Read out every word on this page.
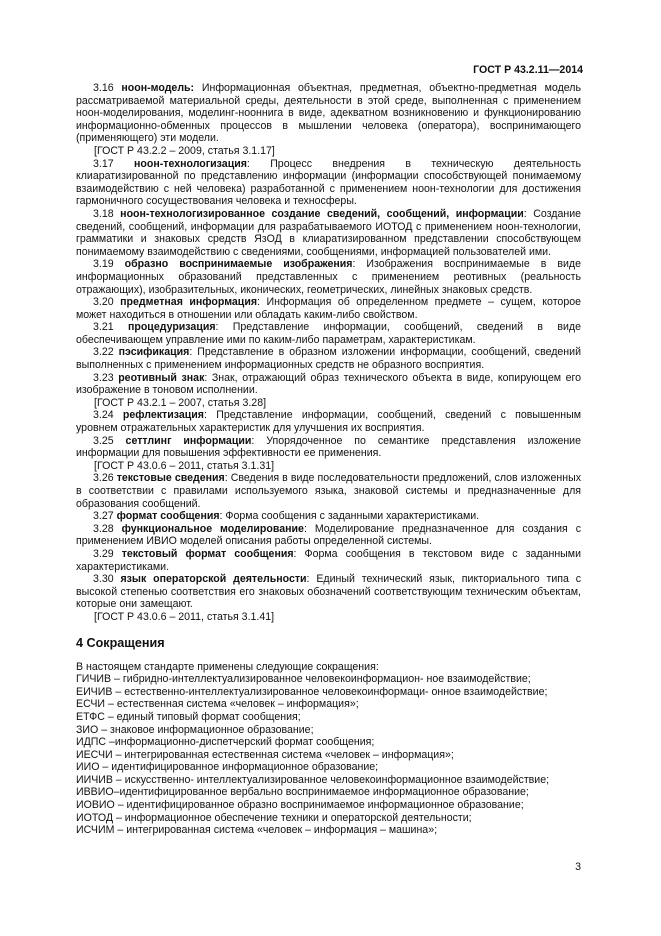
ГОСТ Р 43.2.11—2014

3.16 ноон-модель: Информационная объектная, предметная, объектно-предметная модель рассматриваемой материальной среды, деятельности в этой среде, выполненная с применением ноон-моделирования, моделинг-нооннига в виде, адекватном возникновению и функционированию информационно-обменных процессов в мышлении человека (оператора), воспринимающего (применяющего) эти модели.

[ГОСТ Р 43.2.2 – 2009, статья 3.1.17]

3.17 ноон-технологизация: Процесс внедрения в техническую деятельность клиаратизированной по представлению информации (информации способствующей понимаемому взаимодействию с ней человека) разработанной с применением ноон-технологии для достижения гармоничного сосуществования человека и техносферы.

3.18 ноон-технологизированное создание сведений, сообщений, информации: Создание сведений, сообщений, информации для разрабатываемого ИОТОД с применением ноон-технологии, грамматики и знаковых средств ЯзОД в клиаратизированном представлении способствующем понимаемому взаимодействию с сведениями, сообщениями, информацией пользователей ими.

3.19 образно воспринимаемые изображения: Изображения воспринимаемые в виде информационных образований представленных с применением реотивных (реальность отражающих), изобразительных, иконических, геометрических, линейных знаковых средств.

3.20 предметная информация: Информация об определенном предмете – сущем, которое может находиться в отношении или обладать каким-либо свойством.

3.21 процедуризация: Представление информации, сообщений, сведений в виде обеспечивающем управление ими по каким-либо параметрам, характеристикам.

3.22 пэсификация: Представление в образном изложении информации, сообщений, сведений выполненных с применением информационных средств не образного восприятия.

3.23 реотивный знак: Знак, отражающий образ технического объекта в виде, копирующем его изображение в тоновом исполнении.

[ГОСТ Р 43.2.1 – 2007, статья 3.28]

3.24 рефлектизация: Представление информации, сообщений, сведений с повышенным уровнем отражательных характеристик для улучшения их восприятия.

3.25 сеттлинг информации: Упорядоченное по семантике представления изложение информации для повышения эффективности ее применения.

[ГОСТ Р 43.0.6 – 2011, статья 3.1.31]

3.26 текстовые сведения: Сведения в виде последовательности предложений, слов изложенных в соответствии с правилами используемого языка, знаковой системы и предназначенные для образования сообщений.

3.27 формат сообщения: Форма сообщения с заданными характеристиками.

3.28 функциональное моделирование: Моделирование предназначенное для создания с применением ИВИО моделей описания работы определенной системы.

3.29 текстовый формат сообщения: Форма сообщения в текстовом виде с заданными характеристиками.

3.30 язык операторской деятельности: Единый технический язык, пиктoриального типа с высокой степенью соответствия его знаковых обозначений соответствующим техническим объектам, которые они замещают.

[ГОСТ Р 43.0.6 – 2011, статья 3.1.41]

4 Сокращения

В настоящем стандарте применены следующие сокращения:

ГИЧИВ – гибридно-интеллектуализированное человекоинформацион- ное взаимодействие;
ЕИЧИВ – естественно-интеллектуализированное человекоинформаци- онное взаимодействие;
ЕСЧИ – естественная система «человек – информация»;
ЕТФС – единый типовый формат сообщения;
ЗИО – знаковое информационное образование;
ИДПС –информационно-диспетчерский формат сообщения;
ИЕСЧИ – интегрированная естественная система «человек – информация»;
ИИО – идентифицированное информационное образование;
ИИЧИВ – искусственно- интеллектуализированное человекоинформационное взаимодействие;
ИВВИО–идентифицированное вербально воспринимаемое информационное образование;
ИОВИО – идентифицированное образно воспринимаемое информационное образование;
ИОТОД – информационное обеспечение техники и операторской деятельности;
ИСЧИМ – интегрированная система «человек – информация – машина»;
3
